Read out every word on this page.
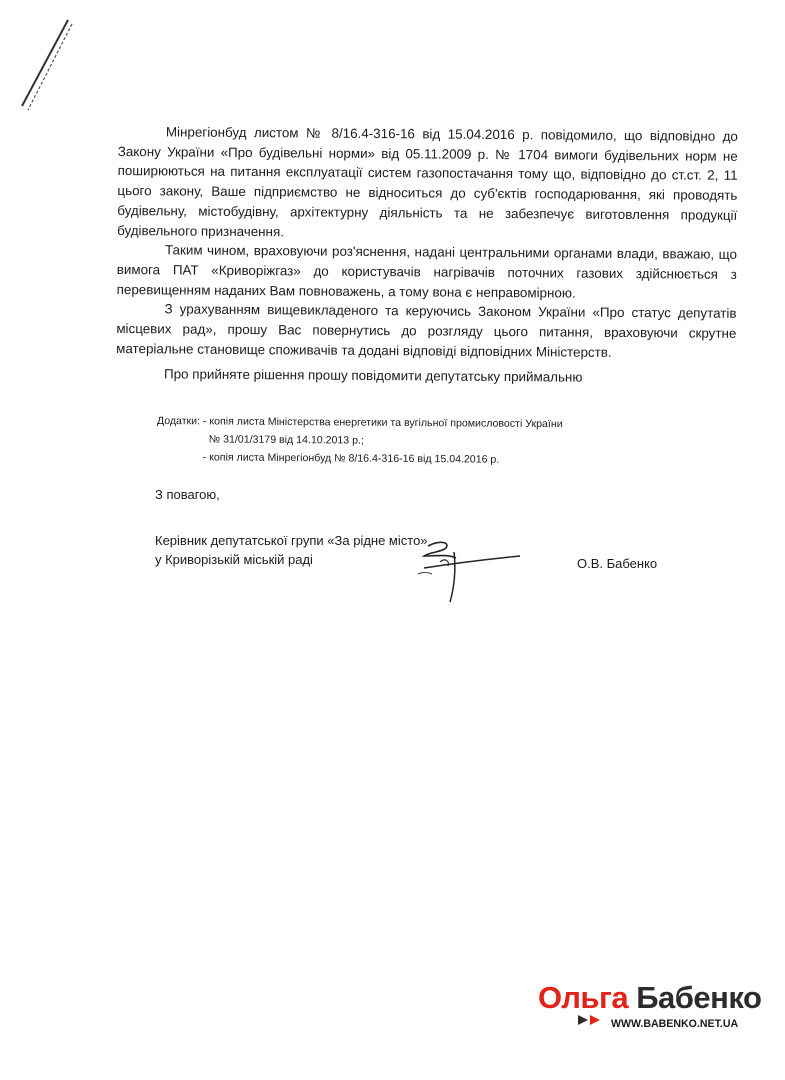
Мінрегіонбуд листом № 8/16.4-316-16 від 15.04.2016 р. повідомило, що відповідно до Закону України «Про будівельні норми» від 05.11.2009 р. № 1704 вимоги будівельних норм не поширюються на питання експлуатації систем газопостачання тому що, відповідно до ст.ст. 2, 11 цього закону, Ваше підприємство не відноситься до суб'єктів господарювання, які проводять будівельну, містобудівну, архітектурну діяльність та не забезпечує виготовлення продукції будівельного призначення.

Таким чином, враховуючи роз'яснення, надані центральними органами влади, вважаю, що вимога ПАТ «Криворіжгаз» до користувачів нагрівачів поточних газових здійснюється з перевищенням наданих Вам повноважень, а тому вона є неправомірною.

З урахуванням вищевикладеного та керуючись Законом України «Про статус депутатів місцевих рад», прошу Вас повернутись до розгляду цього питання, враховуючи скрутне матеріальне становище споживачів та додані відповіді відповідних Міністерств.

Про прийняте рішення прошу повідомити депутатську приймальню

Додатки: - копія листа Міністерства енергетики та вугільної промисловості України
№ 31/01/3179 від 14.10.2013 р.;
- копія листа Мінрегіонбуд № 8/16.4-316-16 від 15.04.2016 р.
З повагою,
Керівник депутатської групи «За рідне місто»
у Криворізькій міській раді	О.В. Бабенко
Ольга Бабенко
WWW.BABENKO.NET.UA
